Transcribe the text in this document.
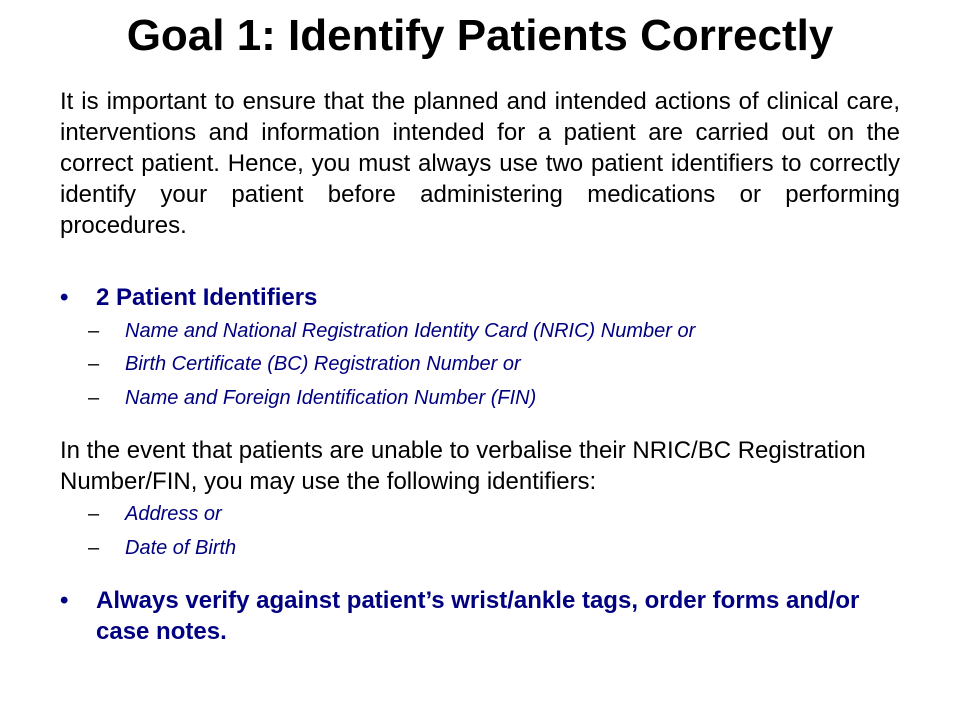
Goal 1: Identify Patients Correctly

It is important to ensure that the planned and intended actions of clinical care, interventions and information intended for a patient are carried out on the correct patient. Hence, you must always use two patient identifiers to correctly identify your patient before administering medications or performing procedures.

•	2 Patient Identifiers
–	Name and National Registration Identity Card (NRIC) Number or
–	Birth Certificate (BC) Registration Number or
–	Name and Foreign Identification Number (FIN)

In the event that patients are unable to verbalise their NRIC/BC Registration Number/FIN, you may use the following identifiers:

–	Address or
–	Date of Birth
•	Always verify against patient’s wrist/ankle tags, order forms and/or case notes.
